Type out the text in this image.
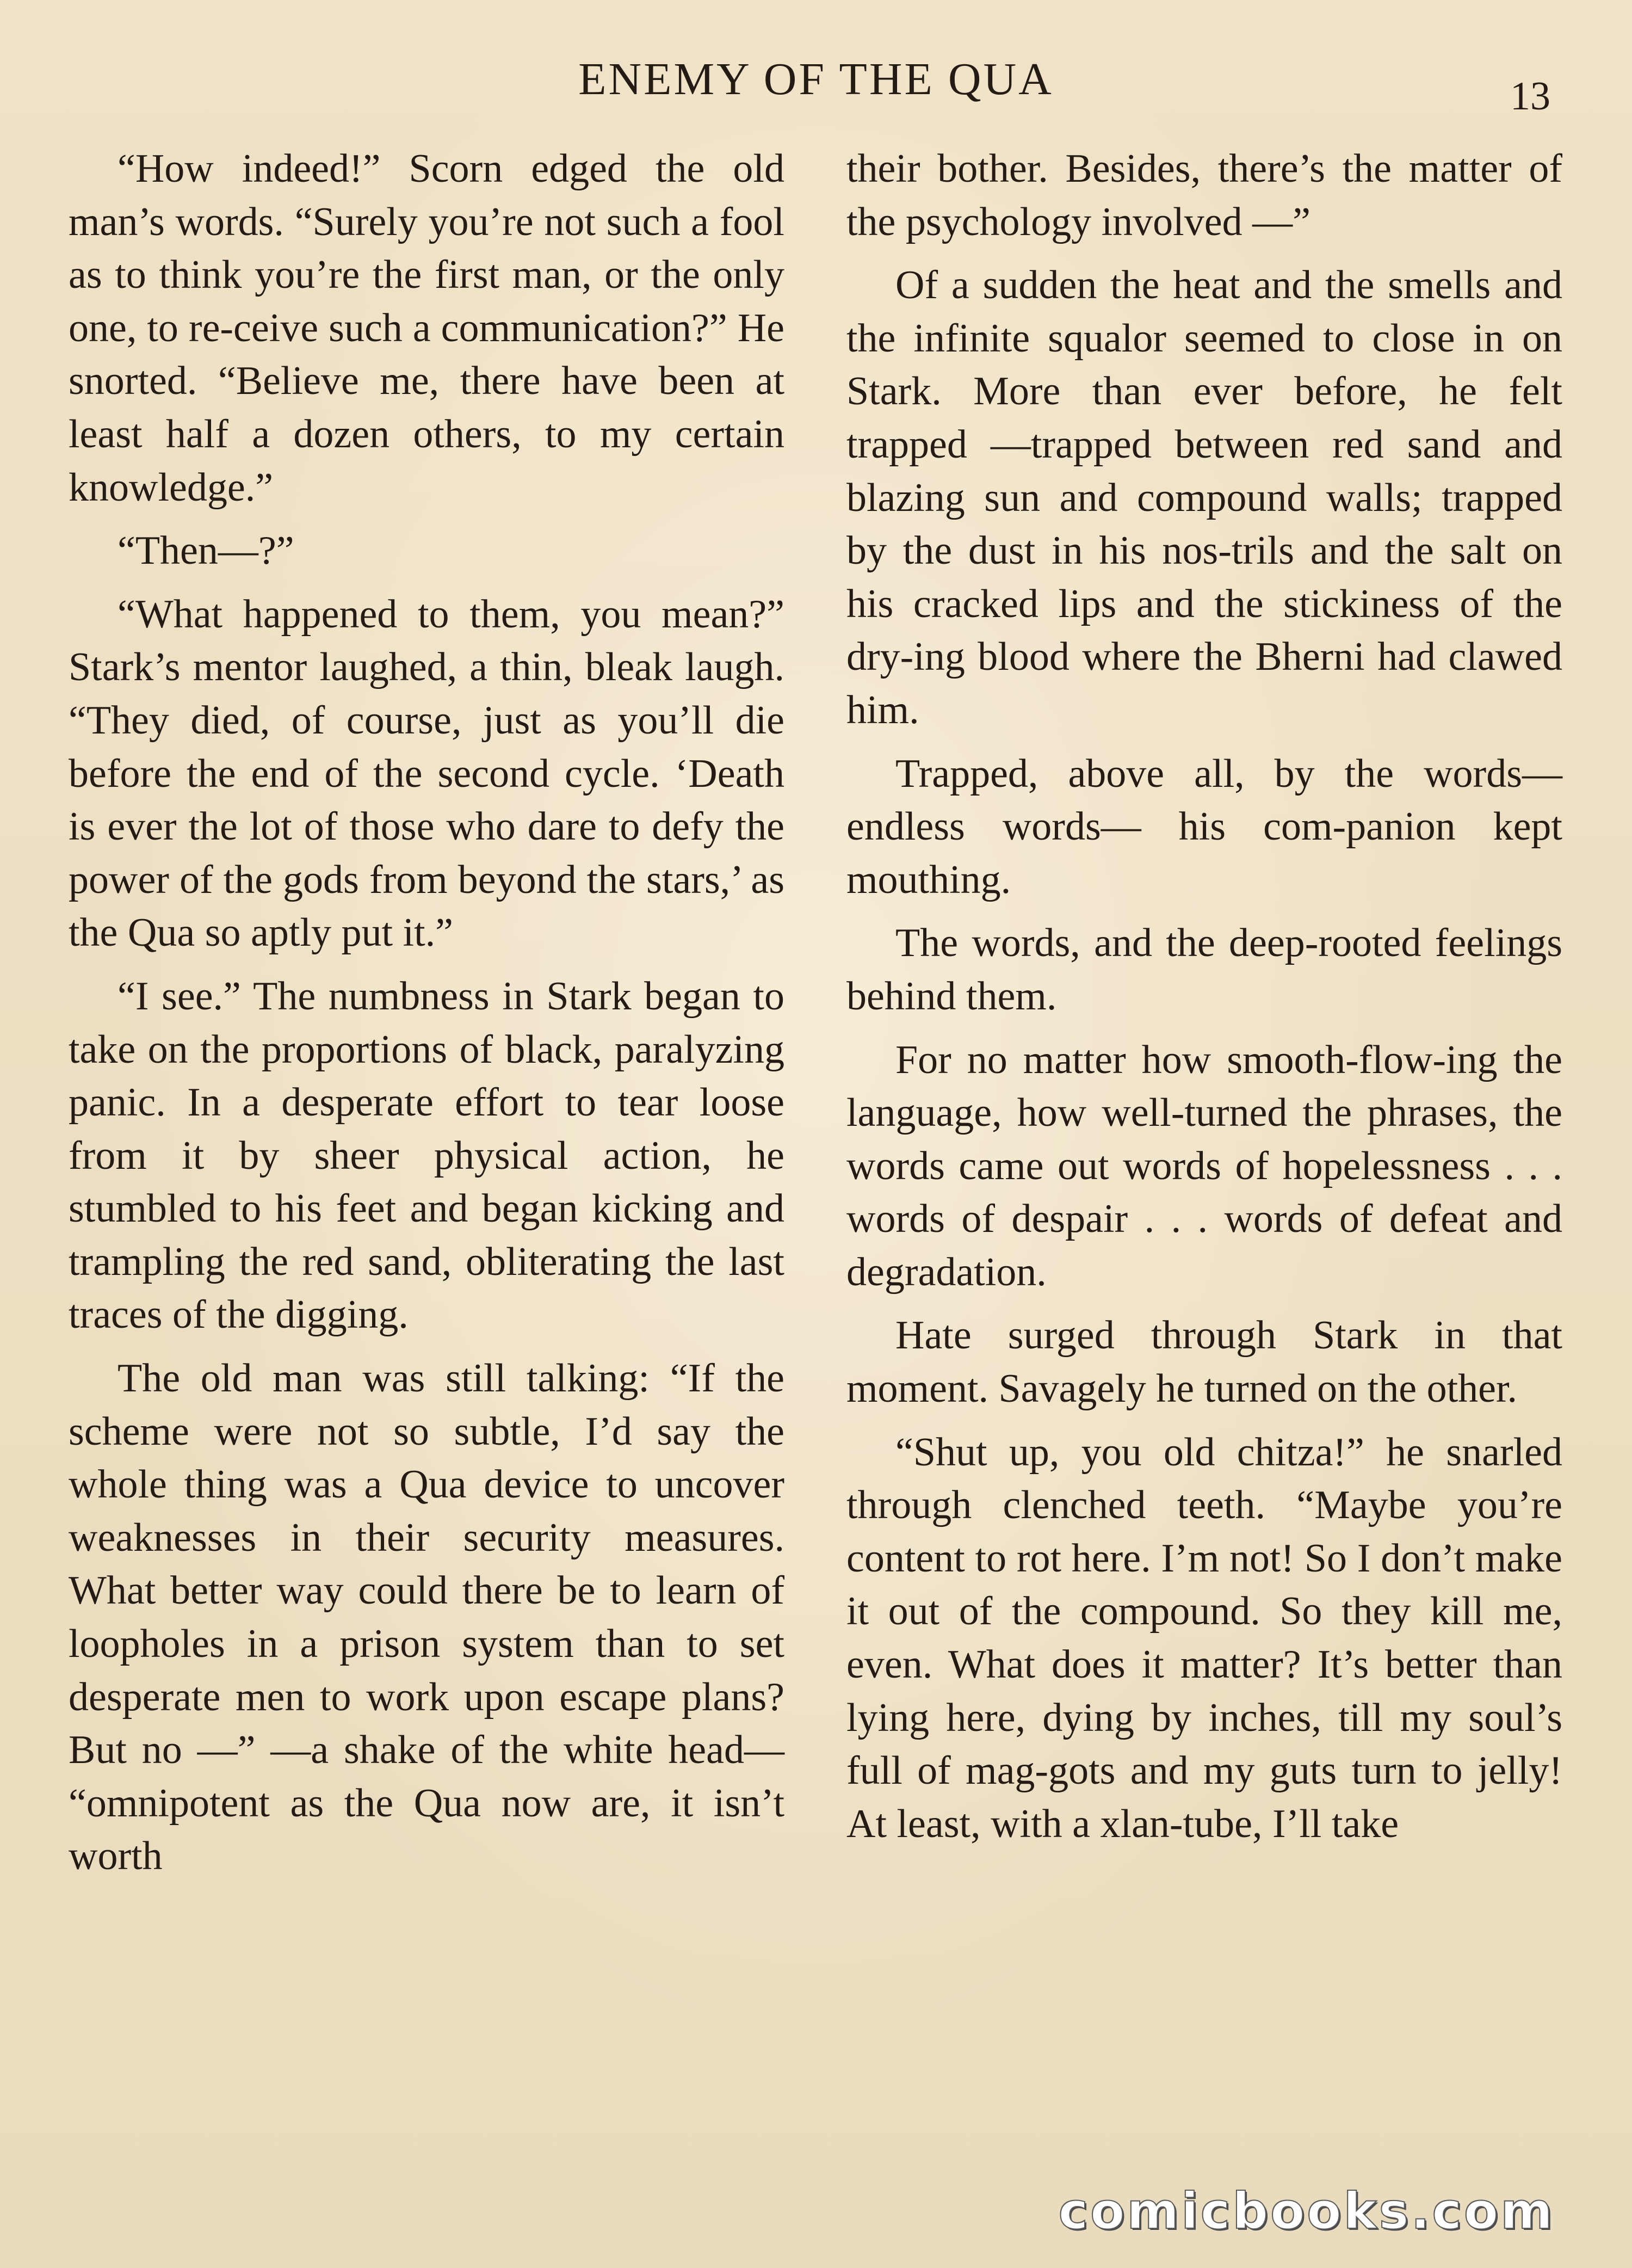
ENEMY OF THE QUA	13

“How indeed!” Scorn edged the old man’s words. “Surely you’re not such a fool as to think you’re the first man, or the only one, to re-ceive such a communication?” He snorted. “Believe me, there have been at least half a dozen others, to my certain knowledge.”

“Then—?”

“What happened to them, you mean?” Stark’s mentor laughed, a thin, bleak laugh. “They died, of course, just as you’ll die before the end of the second cycle. ‘Death is ever the lot of those who dare to defy the power of the gods from beyond the stars,’ as the Qua so aptly put it.”

“I see.” The numbness in Stark began to take on the proportions of black, paralyzing panic. In a desperate effort to tear loose from it by sheer physical action, he stumbled to his feet and began kicking and trampling the red sand, obliterating the last traces of the digging.

The old man was still talking: “If the scheme were not so subtle, I’d say the whole thing was a Qua device to uncover weaknesses in their security measures. What better way could there be to learn of loopholes in a prison system than to set desperate men to work upon escape plans? But no —” —a shake of the white head— “omnipotent as the Qua now are, it isn’t worth

their bother. Besides, there’s the matter of the psychology involved —”

Of a sudden the heat and the smells and the infinite squalor seemed to close in on Stark. More than ever before, he felt trapped —trapped between red sand and blazing sun and compound walls; trapped by the dust in his nos-trils and the salt on his cracked lips and the stickiness of the dry-ing blood where the Bherni had clawed him.

Trapped, above all, by the words—endless words— his com-panion kept mouthing.

The words, and the deep-rooted feelings behind them.

For no matter how smooth-flow-ing the language, how well-turned the phrases, the words came out words of hopelessness . . . words of despair . . . words of defeat and degradation.

Hate surged through Stark in that moment. Savagely he turned on the other.

“Shut up, you old chitza!” he snarled through clenched teeth. “Maybe you’re content to rot here. I’m not! So I don’t make it out of the compound. So they kill me, even. What does it matter? It’s better than lying here, dying by inches, till my soul’s full of mag-gots and my guts turn to jelly! At least, with a xlan-tube, I’ll take

comicbooks.com
